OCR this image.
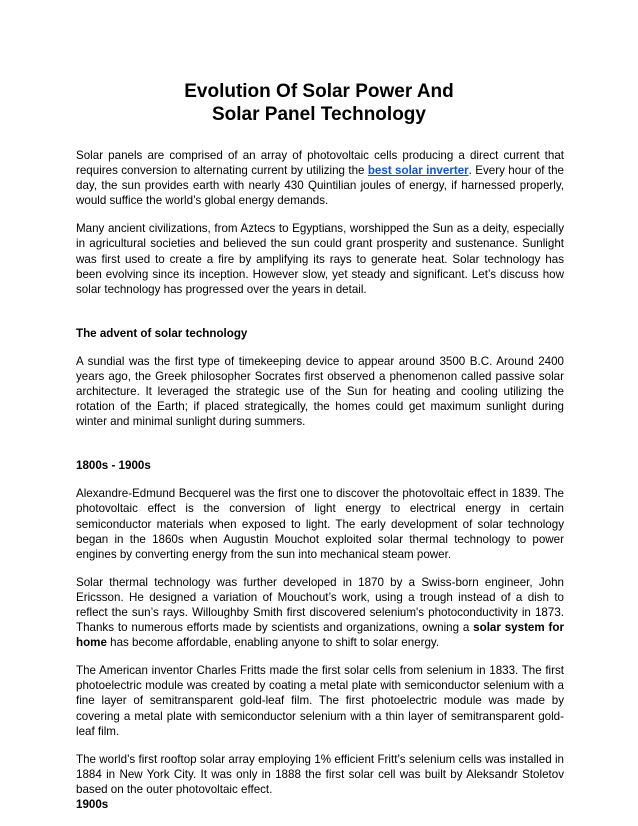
Evolution Of Solar Power And
Solar Panel Technology

Solar panels are comprised of an array of photovoltaic cells producing a direct current that requires conversion to alternating current by utilizing the best solar inverter. Every hour of the day, the sun provides earth with nearly 430 Quintilian joules of energy, if harnessed properly, would suffice the world’s global energy demands.

Many ancient civilizations, from Aztecs to Egyptians, worshipped the Sun as a deity, especially in agricultural societies and believed the sun could grant prosperity and sustenance. Sunlight was first used to create a fire by amplifying its rays to generate heat. Solar technology has been evolving since its inception. However slow, yet steady and significant. Let’s discuss how solar technology has progressed over the years in detail.

The advent of solar technology

A sundial was the first type of timekeeping device to appear around 3500 B.C. Around 2400 years ago, the Greek philosopher Socrates first observed a phenomenon called passive solar architecture. It leveraged the strategic use of the Sun for heating and cooling utilizing the rotation of the Earth; if placed strategically, the homes could get maximum sunlight during winter and minimal sunlight during summers.

1800s - 1900s

Alexandre-Edmund Becquerel was the first one to discover the photovoltaic effect in 1839. The photovoltaic effect is the conversion of light energy to electrical energy in certain semiconductor materials when exposed to light. The early development of solar technology began in the 1860s when Augustin Mouchot exploited solar thermal technology to power engines by converting energy from the sun into mechanical steam power.

Solar thermal technology was further developed in 1870 by a Swiss-born engineer, John Ericsson. He designed a variation of Mouchout’s work, using a trough instead of a dish to reflect the sun’s rays. Willoughby Smith first discovered selenium's photoconductivity in 1873. Thanks to numerous efforts made by scientists and organizations, owning a solar system for home has become affordable, enabling anyone to shift to solar energy.

The American inventor Charles Fritts made the first solar cells from selenium in 1833. The first photoelectric module was created by coating a metal plate with semiconductor selenium with a fine layer of semitransparent gold-leaf film. The first photoelectric module was made by covering a metal plate with semiconductor selenium with a thin layer of semitransparent gold-leaf film.

The world’s first rooftop solar array employing 1% efficient Fritt’s selenium cells was installed in 1884 in New York City. It was only in 1888 the first solar cell was built by Aleksandr Stoletov based on the outer photovoltaic effect.

1900s
